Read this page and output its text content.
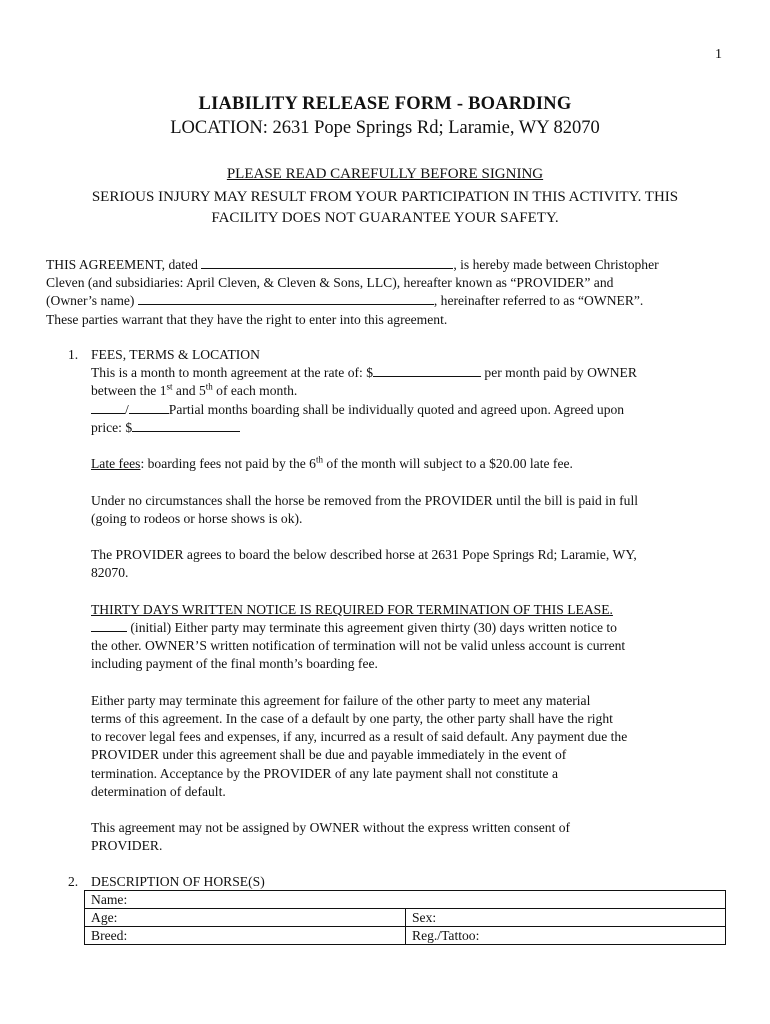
1
LIABILITY RELEASE FORM - BOARDING
LOCATION: 2631 Pope Springs Rd; Laramie, WY 82070
PLEASE READ CAREFULLY BEFORE SIGNING
SERIOUS INJURY MAY RESULT FROM YOUR PARTICIPATION IN THIS ACTIVITY. THIS
FACILITY DOES NOT GUARANTEE YOUR SAFETY.
THIS AGREEMENT, dated	, is hereby made between Christopher
Cleven (and subsidiaries: April Cleven, & Cleven & Sons, LLC), hereafter known as “PROVIDER” and
(Owner’s name)	, hereinafter referred to as “OWNER”.
These parties warrant that they have the right to enter into this agreement.
1. FEES, TERMS & LOCATION
This is a month to month agreement at the rate of: $	per month paid by OWNER
between the 1st and 5th of each month.
/	Partial months boarding shall be individually quoted and agreed upon. Agreed upon
price: $
Late fees: boarding fees not paid by the 6th of the month will subject to a $20.00 late fee.
Under no circumstances shall the horse be removed from the PROVIDER until the bill is paid in full
(going to rodeos or horse shows is ok).
The PROVIDER agrees to board the below described horse at 2631 Pope Springs Rd; Laramie, WY,
82070.
THIRTY DAYS WRITTEN NOTICE IS REQUIRED FOR TERMINATION OF THIS LEASE.
(initial) Either party may terminate this agreement given thirty (30) days written notice to
the other. OWNER’S written notification of termination will not be valid unless account is current
including payment of the final month’s boarding fee.
Either party may terminate this agreement for failure of the other party to meet any material
terms of this agreement. In the case of a default by one party, the other party shall have the right
to recover legal fees and expenses, if any, incurred as a result of said default. Any payment due the
PROVIDER under this agreement shall be due and payable immediately in the event of
termination. Acceptance by the PROVIDER of any late payment shall not constitute a
determination of default.
This agreement may not be assigned by OWNER without the express written consent of
PROVIDER.
2. DESCRIPTION OF HORSE(S)
Name:	
Age:	Sex:
Breed:	Reg./Tattoo:
